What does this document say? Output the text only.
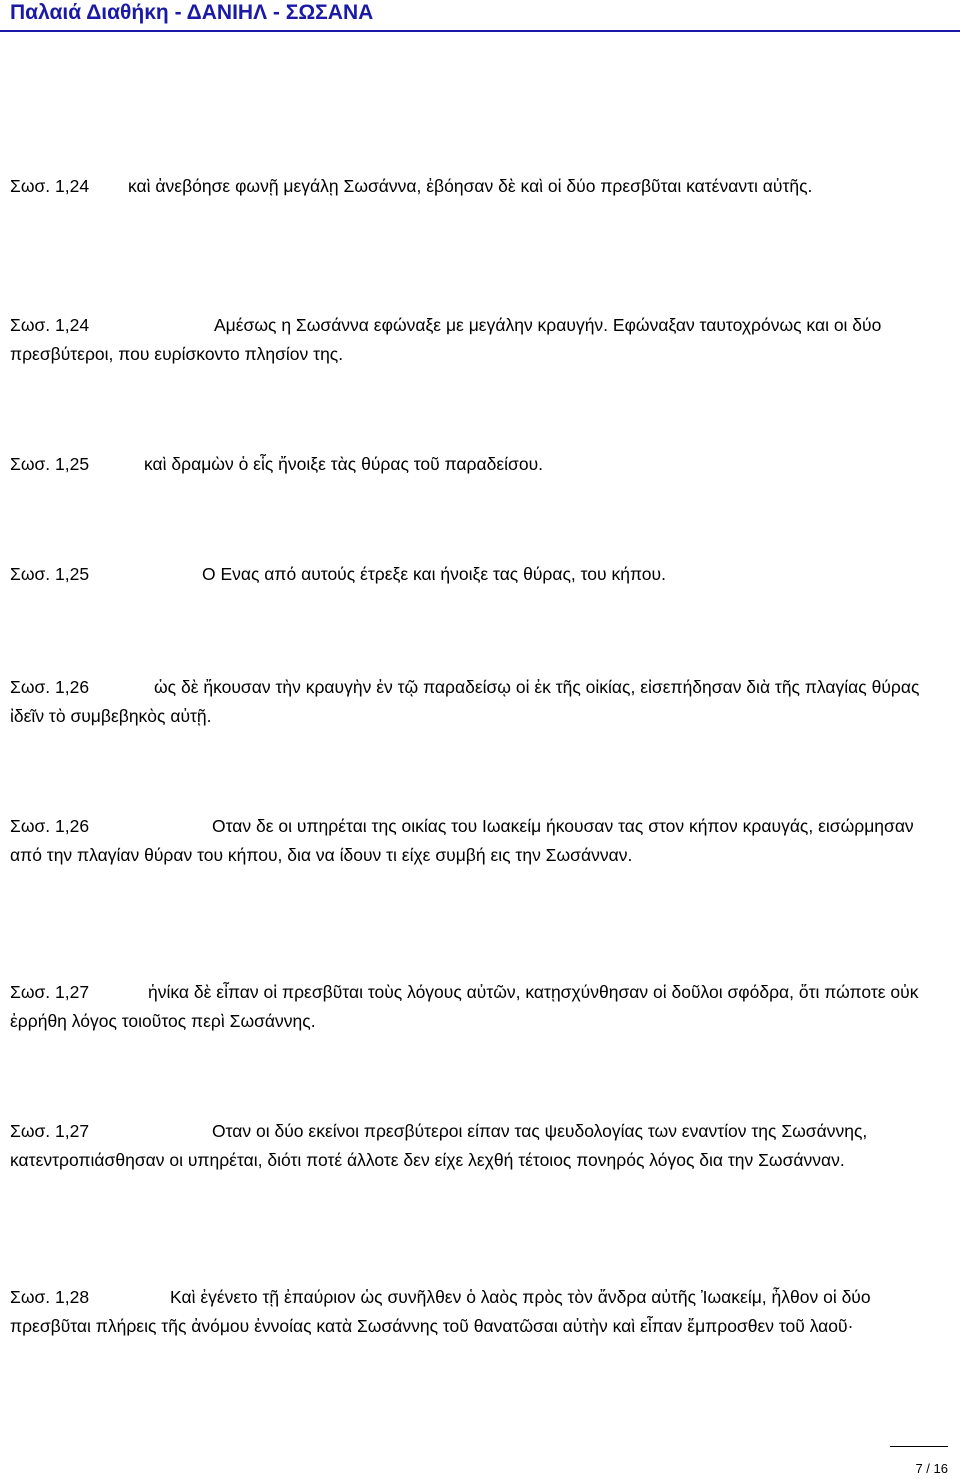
Παλαιά Διαθήκη - ΔΑΝΙΗΛ - ΣΩΣΑΝΑ
Σωσ. 1,24 καὶ ἀνεβόησε φωνῇ μεγάλῃ Σωσάννα, ἐβόησαν δὲ καὶ οἱ δύο πρεσβῦται κατέναντι αὐτῆς.
Σωσ. 1,24	Αμέσως η Σωσάννα εφώναξε με μεγάλην κραυγήν. Εφώναξαν ταυτοχρόνως και οι δύο πρεσβύτεροι, που ευρίσκοντο πλησίον της.
Σωσ. 1,25	καὶ δραμὼν ὁ εἷς ἤνοιξε τὰς θύρας τοῦ παραδείσου.
Σωσ. 1,25	Ο Ενας από αυτούς έτρεξε και ήνοιξε τας θύρας, του κήπου.
Σωσ. 1,26	ὡς δὲ ἤκουσαν τὴν κραυγὴν ἐν τῷ παραδείσῳ οἱ ἐκ τῆς οἰκίας, εἰσεπήδησαν διὰ τῆς πλαγίας θύρας ἰδεῖν τὸ συμβεβηκὸς αὐτῇ.
Σωσ. 1,26	Οταν δε οι υπηρέται της οικίας του Ιωακείμ ήκουσαν τας στον κήπον κραυγάς, εισώρμησαν από την πλαγίαν θύραν του κήπου, δια να ίδουν τι είχε συμβή εις την Σωσάνναν.
Σωσ. 1,27	ἡνίκα δὲ εἶπαν οἱ πρεσβῦται τοὺς λόγους αὐτῶν, κατῃσχύνθησαν οἱ δοῦλοι σφόδρα, ὅτι πώποτε οὐκ ἐρρήθη λόγος τοιοῦτος περὶ Σωσάννης.
Σωσ. 1,27	Οταν οι δύο εκείνοι πρεσβύτεροι είπαν τας ψευδολογίας των εναντίον της Σωσάννης, κατεντροπιάσθησαν οι υπηρέται, διότι ποτέ άλλοτε δεν είχε λεχθή τέτοιος πονηρός λόγος δια την Σωσάνναν.
Σωσ. 1,28	Καὶ ἐγένετο τῇ ἐπαύριον ὡς συνῆλθεν ὁ λαὸς πρὸς τὸν ἄνδρα αὐτῆς Ἰωακείμ, ἦλθον οἱ δύο πρεσβῦται πλήρεις τῆς ἀνόμου ἐννοίας κατὰ Σωσάννης τοῦ θανατῶσαι αὐτὴν καὶ εἶπαν ἔμπροσθεν τοῦ λαοῦ·
7 / 16
